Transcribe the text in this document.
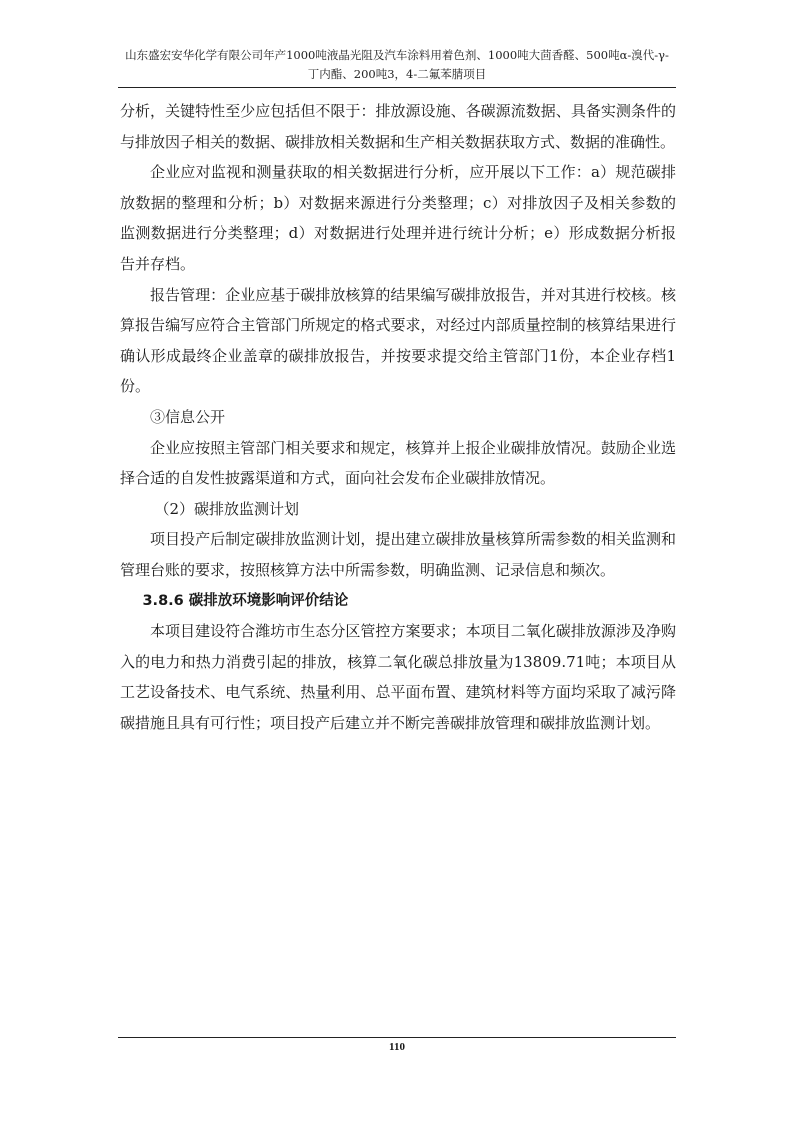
山东盛宏安华化学有限公司年产1000吨液晶光阻及汽车涂料用着色剂、1000吨大茴香醛、500吨α-溴代-γ-
丁内酯、200吨3，4-二氟苯腈项目

分析，关键特性至少应包括但不限于：排放源设施、各碳源流数据、具备实测条件的与排放因子相关的数据、碳排放相关数据和生产相关数据获取方式、数据的准确性。

企业应对监视和测量获取的相关数据进行分析，应开展以下工作：a）规范碳排放数据的整理和分析；b）对数据来源进行分类整理；c）对排放因子及相关参数的监测数据进行分类整理；d）对数据进行处理并进行统计分析；e）形成数据分析报告并存档。

报告管理：企业应基于碳排放核算的结果编写碳排放报告，并对其进行校核。核算报告编写应符合主管部门所规定的格式要求，对经过内部质量控制的核算结果进行确认形成最终企业盖章的碳排放报告，并按要求提交给主管部门1份，本企业存档1份。

③信息公开

企业应按照主管部门相关要求和规定，核算并上报企业碳排放情况。鼓励企业选择合适的自发性披露渠道和方式，面向社会发布企业碳排放情况。

（2）碳排放监测计划

项目投产后制定碳排放监测计划，提出建立碳排放量核算所需参数的相关监测和管理台账的要求，按照核算方法中所需参数，明确监测、记录信息和频次。

3.8.6 碳排放环境影响评价结论

本项目建设符合潍坊市生态分区管控方案要求；本项目二氧化碳排放源涉及净购入的电力和热力消费引起的排放，核算二氧化碳总排放量为13809.71吨；本项目从工艺设备技术、电气系统、热量利用、总平面布置、建筑材料等方面均采取了减污降碳措施且具有可行性；项目投产后建立并不断完善碳排放管理和碳排放监测计划。

110
